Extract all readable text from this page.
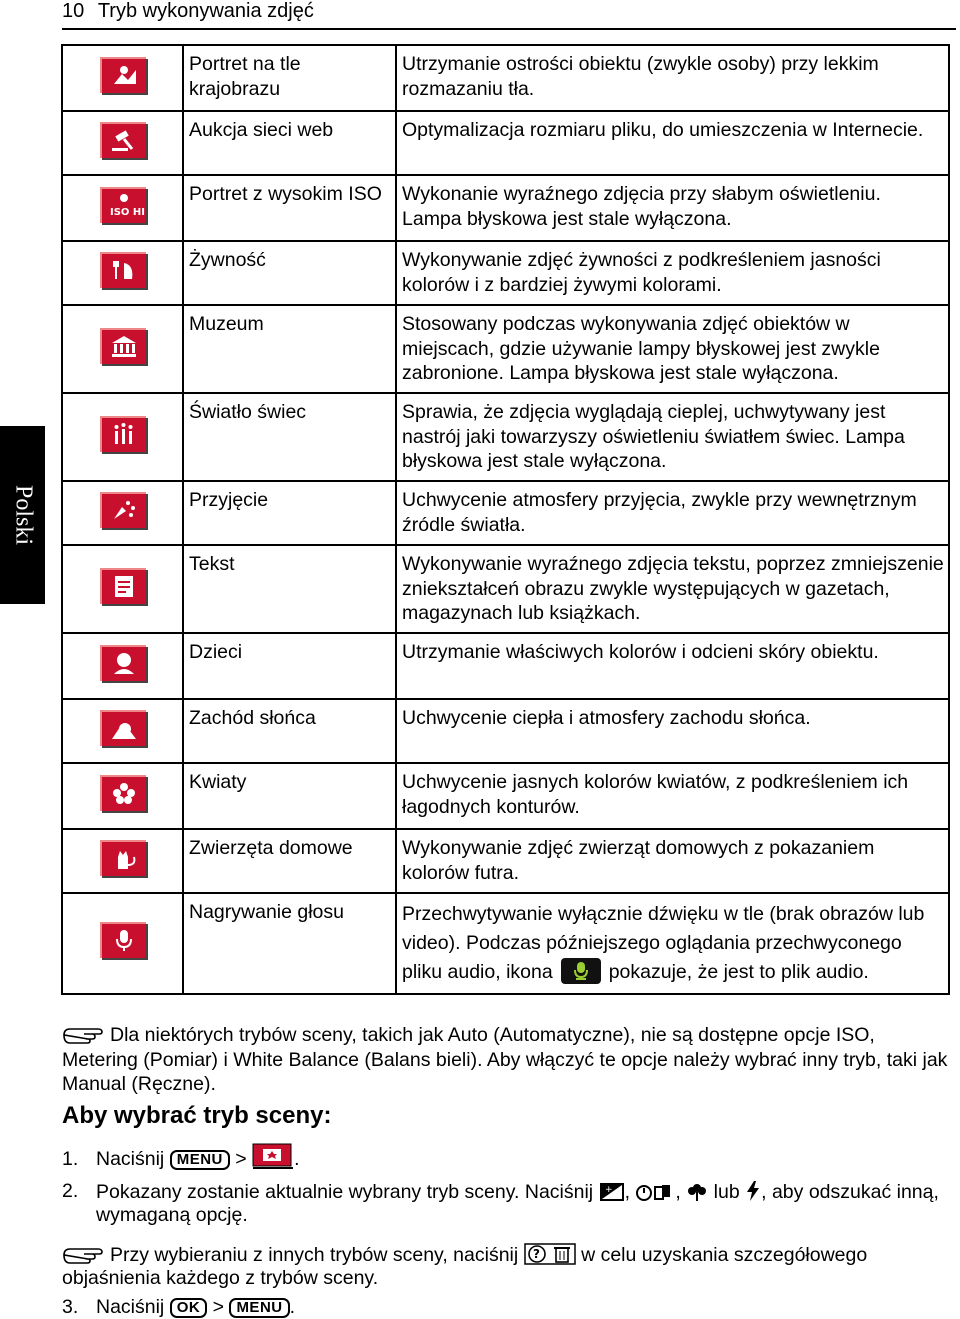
10 Tryb wykonywania zdjęć
Polski
	Portret na tle krajobrazu	Utrzymanie ostrości obiektu (zwykle osoby) przy lekkim rozmazaniu tła.

	Aukcja sieci web	Optymalizacja rozmiaru pliku, do umieszczenia w Internecie.

ISO HI	Portret z wysokim ISO	Wykonanie wyraźnego zdjęcia przy słabym oświetleniu. Lampa błyskowa jest stale wyłączona.

	Żywność	Wykonywanie zdjęć żywności z podkreśleniem jasności kolorów i z bardziej żywymi kolorami.

	Muzeum	Stosowany podczas wykonywania zdjęć obiektów w miejscach, gdzie używanie lampy błyskowej jest zwykle zabronione. Lampa błyskowa jest stale wyłączona.

	Światło świec	Sprawia, że zdjęcia wyglądają cieplej, uchwytywany jest nastrój jaki towarzyszy oświetleniu światłem świec. Lampa błyskowa jest stale wyłączona.

	Przyjęcie	Uchwycenie atmosfery przyjęcia, zwykle przy wewnętrznym źródle światła.

	Tekst	Wykonywanie wyraźnego zdjęcia tekstu, poprzez zmniejszenie zniekształceń obrazu zwykle występujących w gazetach, magazynach lub książkach.

	Dzieci	Utrzymanie właściwych kolorów i odcieni skóry obiektu.

	Zachód słońca	Uchwycenie ciepła i atmosfery zachodu słońca.

	Kwiaty	Uchwycenie jasnych kolorów kwiatów, z podkreśleniem ich łagodnych konturów.

	Zwierzęta domowe	Wykonywanie zdjęć zwierząt domowych z pokazaniem kolorów futra.

	Nagrywanie głosu	Przechwytywanie wyłącznie dźwięku w tle (brak obrazów lub video). Podczas późniejszego oglądania przechwyconego pliku audio, ikona pokazuje, że jest to plik audio.
Dla niektórych trybów sceny, takich jak Auto (Automatyczne), nie są dostępne opcje ISO, Metering (Pomiar) i White Balance (Balans bieli). Aby włączyć te opcje należy wybrać inny tryb, taki jak Manual (Ręczne).
Aby wybrać tryb sceny:
1. Naciśnij MENU > .
2. Pokazany zostanie aktualnie wybrany tryb sceny. Naciśnij + , , lub , aby odszukać inną, wymaganą opcję.
Przy wybieraniu z innych trybów sceny, naciśnij ? w celu uzyskania szczegółowego objaśnienia każdego z trybów sceny.
3. Naciśnij OK > MENU .
